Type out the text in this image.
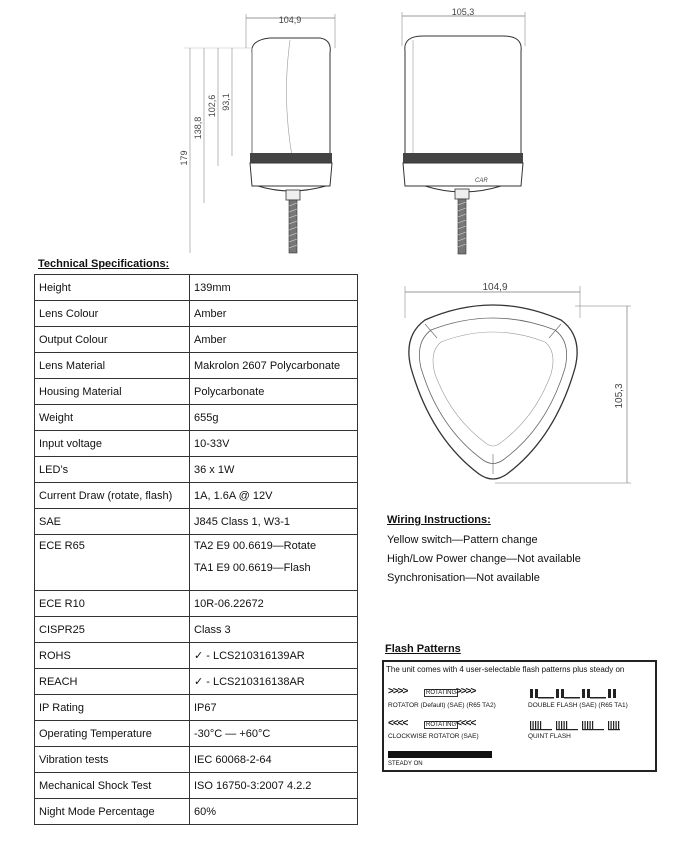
104,9
179
138,8
102,6 93,1
105,3
CAR
Technical Specifications:
Height	139mm
Lens Colour	Amber
Output Colour	Amber
Lens Material	Makrolon 2607 Polycarbonate
Housing Material	Polycarbonate
Weight	655g
Input voltage	10-33V
LED’s	36 x 1W
Current Draw (rotate, flash)	1A, 1.6A @ 12V
SAE	J845 Class 1, W3-1
ECE R65	TA2 E9 00.6619—Rotate
TA1 E9 00.6619—Flash

ECE R10	10R-06.22672
CISPR25	Class 3
ROHS	✓ - LCS210316139AR
REACH	✓ - LCS210316138AR
IP Rating	IP67
Operating Temperature	-30°C — +60°C
Vibration tests	IEC 60068-2-64
Mechanical Shock Test	ISO 16750-3:2007 4.2.2
Night Mode Percentage	60%
104,9
105,3
Wiring Instructions:
Yellow switch—Pattern change
High/Low Power change—Not available
Synchronisation—Not available
Flash Patterns
The unit comes with 4 user-selectable flash patterns plus steady on
>>>>	ROTATING >>>>
ROTATOR (Default) (SAE) (R65 TA2)	DOUBLE FLASH (SAE) (R65 TA1)
<<<<	ROTATING <<<<
CLOCKWISE ROTATOR (SAE)	QUINT FLASH
STEADY ON
